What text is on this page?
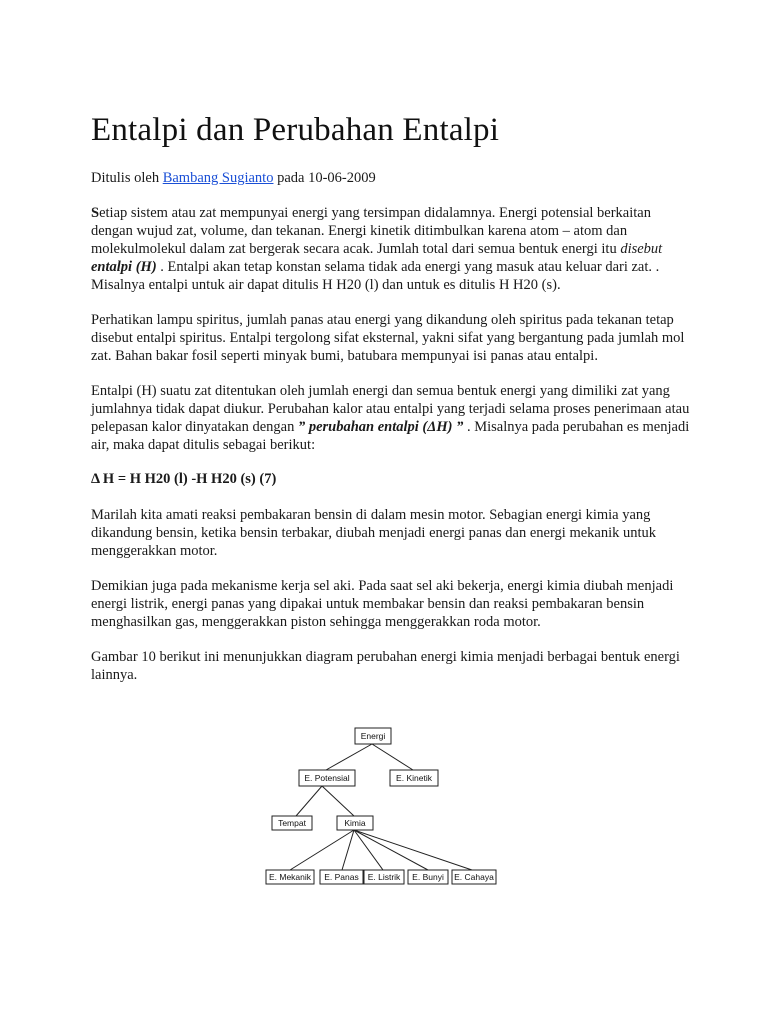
Entalpi dan Perubahan Entalpi
Ditulis oleh Bambang Sugianto pada 10-06-2009

Setiap sistem atau zat mempunyai energi yang tersimpan didalamnya. Energi potensial berkaitan dengan wujud zat, volume, dan tekanan. Energi kinetik ditimbulkan karena atom – atom dan molekulmolekul dalam zat bergerak secara acak. Jumlah total dari semua bentuk energi itu disebut entalpi (H) . Entalpi akan tetap konstan selama tidak ada energi yang masuk atau keluar dari zat. . Misalnya entalpi untuk air dapat ditulis H H20 (l) dan untuk es ditulis H H20 (s).

Perhatikan lampu spiritus, jumlah panas atau energi yang dikandung oleh spiritus pada tekanan tetap disebut entalpi spiritus. Entalpi tergolong sifat eksternal, yakni sifat yang bergantung pada jumlah mol zat. Bahan bakar fosil seperti minyak bumi, batubara mempunyai isi panas atau entalpi.

Entalpi (H) suatu zat ditentukan oleh jumlah energi dan semua bentuk energi yang dimiliki zat yang jumlahnya tidak dapat diukur. Perubahan kalor atau entalpi yang terjadi selama proses penerimaan atau pelepasan kalor dinyatakan dengan ” perubahan entalpi (ΔH) ” . Misalnya pada perubahan es menjadi air, maka dapat ditulis sebagai berikut:

Δ H = H H20 (l) -H H20 (s) (7)

Marilah kita amati reaksi pembakaran bensin di dalam mesin motor. Sebagian energi kimia yang dikandung bensin, ketika bensin terbakar, diubah menjadi energi panas dan energi mekanik untuk menggerakkan motor.

Demikian juga pada mekanisme kerja sel aki. Pada saat sel aki bekerja, energi kimia diubah menjadi energi listrik, energi panas yang dipakai untuk membakar bensin dan reaksi pembakaran bensin menghasilkan gas, menggerakkan piston sehingga menggerakkan roda motor.

Gambar 10 berikut ini menunjukkan diagram perubahan energi kimia menjadi berbagai bentuk energi lainnya.

Energi
E. Potensial	E. Kinetik
Tempat	Kimia
E. Mekanik E. Panas E. Listrik E. Bunyi E. Cahaya
